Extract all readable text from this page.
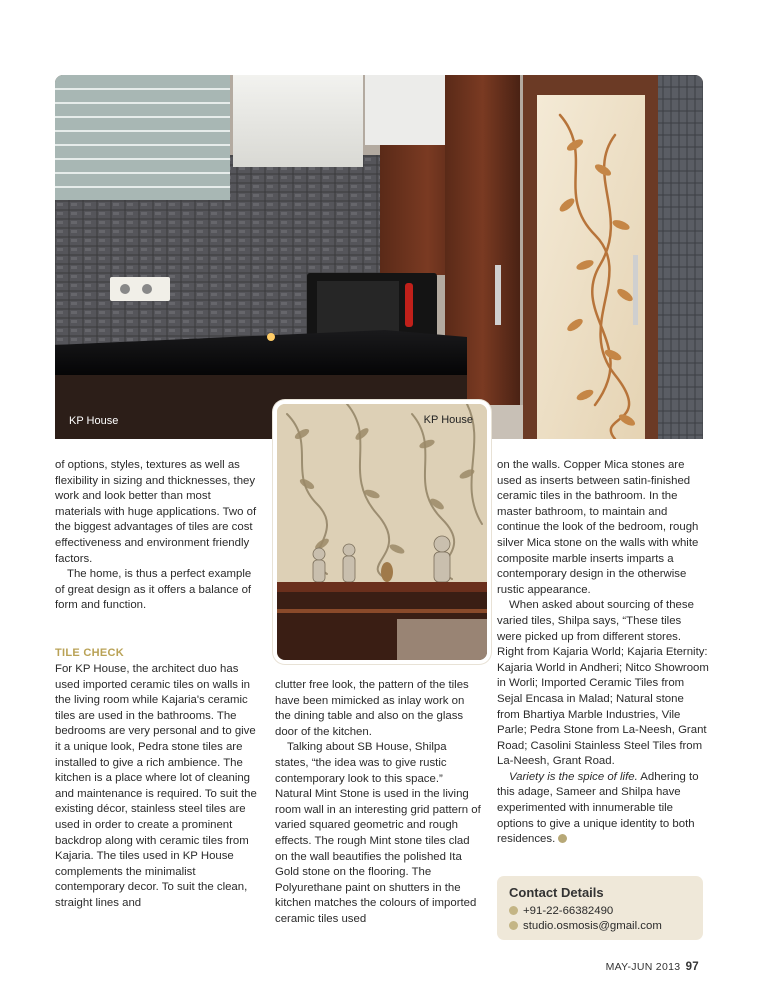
KP House	KP House

of options, styles, textures as well as flexibility in sizing and thicknesses, they work and look better than most materials with huge applications. Two of the biggest advantages of tiles are cost effectiveness and environment friendly factors.

The home, is thus a perfect example of great design as it offers a balance of form and function.

TILE CHECK

For KP House, the architect duo has used imported ceramic tiles on walls in the living room while Kajaria's ceramic tiles are used in the bathrooms. The bedrooms are very personal and to give it a unique look, Pedra stone tiles are installed to give a rich ambience. The kitchen is a place where lot of cleaning and maintenance is required. To suit the existing décor, stainless steel tiles are used in order to create a prominent backdrop along with ceramic tiles from Kajaria. The tiles used in KP House complements the minimalist contemporary decor. To suit the clean, straight lines and

clutter free look, the pattern of the tiles have been mimicked as inlay work on the dining table and also on the glass door of the kitchen.

Talking about SB House, Shilpa states, “the idea was to give rustic contemporary look to this space.” Natural Mint Stone is used in the living room wall in an interesting grid pattern of varied squared geometric and rough effects. The rough Mint stone tiles clad on the wall beautifies the polished Ita Gold stone on the flooring. The Polyurethane paint on shutters in the kitchen matches the colours of imported ceramic tiles used

on the walls. Copper Mica stones are used as inserts between satin-finished ceramic tiles in the bathroom. In the master bathroom, to maintain and continue the look of the bedroom, rough silver Mica stone on the walls with white composite marble inserts imparts a contemporary design in the otherwise rustic appearance.

When asked about sourcing of these varied tiles, Shilpa says, “These tiles were picked up from different stores. Right from Kajaria World; Kajaria Eternity: Kajaria World in Andheri; Nitco Showroom in Worli; Imported Ceramic Tiles from Sejal Encasa in Malad; Natural stone from Bhartiya Marble Industries, Vile Parle; Pedra Stone from La-Neesh, Grant Road; Casolini Stainless Steel Tiles from La-Neesh, Grant Road.

Variety is the spice of life. Adhering to this adage, Sameer and Shilpa have experimented with innumerable tile options to give a unique identity to both residences.

Contact Details
+91-22-66382490
studio.osmosis@gmail.com
MAY-JUN 2013 97
